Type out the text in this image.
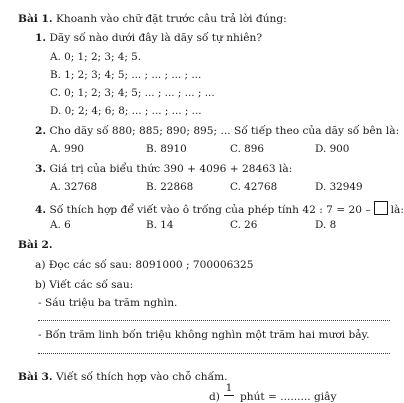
Bài 1. Khoanh vào chữ đặt trước câu trả lời đúng:
1. Dãy số nào dưới đây là dãy số tự nhiên?
A. 0; 1; 2; 3; 4; 5.
B. 1; 2; 3; 4; 5; ... ; ... ; ... ; ...
C. 0; 1; 2; 3; 4; 5; ... ; ... ; ... ; ...
D. 0; 2; 4; 6; 8; ... ; ... ; ... ; ...
2. Cho dãy số 880; 885; 890; 895; ... Số tiếp theo của dãy số bên là:
A. 990	B. 8910	C. 896	D. 900
3. Giá trị của biểu thức 390 + 4096 + 28463 là:
A. 32768	B. 22868	C. 42768	D. 32949
4. Số thích hợp để viết vào ô trống của phép tính 42 : 7 = 20 – là:
A. 6	B. 14	C. 26	D. 8
Bài 2.
a) Đọc các số sau: 8091000 ; 700006325
b) Viết các số sau:
- Sáu triệu ba trăm nghìn.
- Bốn trăm linh bốn triệu không nghìn một trăm hai mươi bảy.
Bài 3. Viết số thích hợp vào chỗ chấm.
d)
1
phút = ......... giây
